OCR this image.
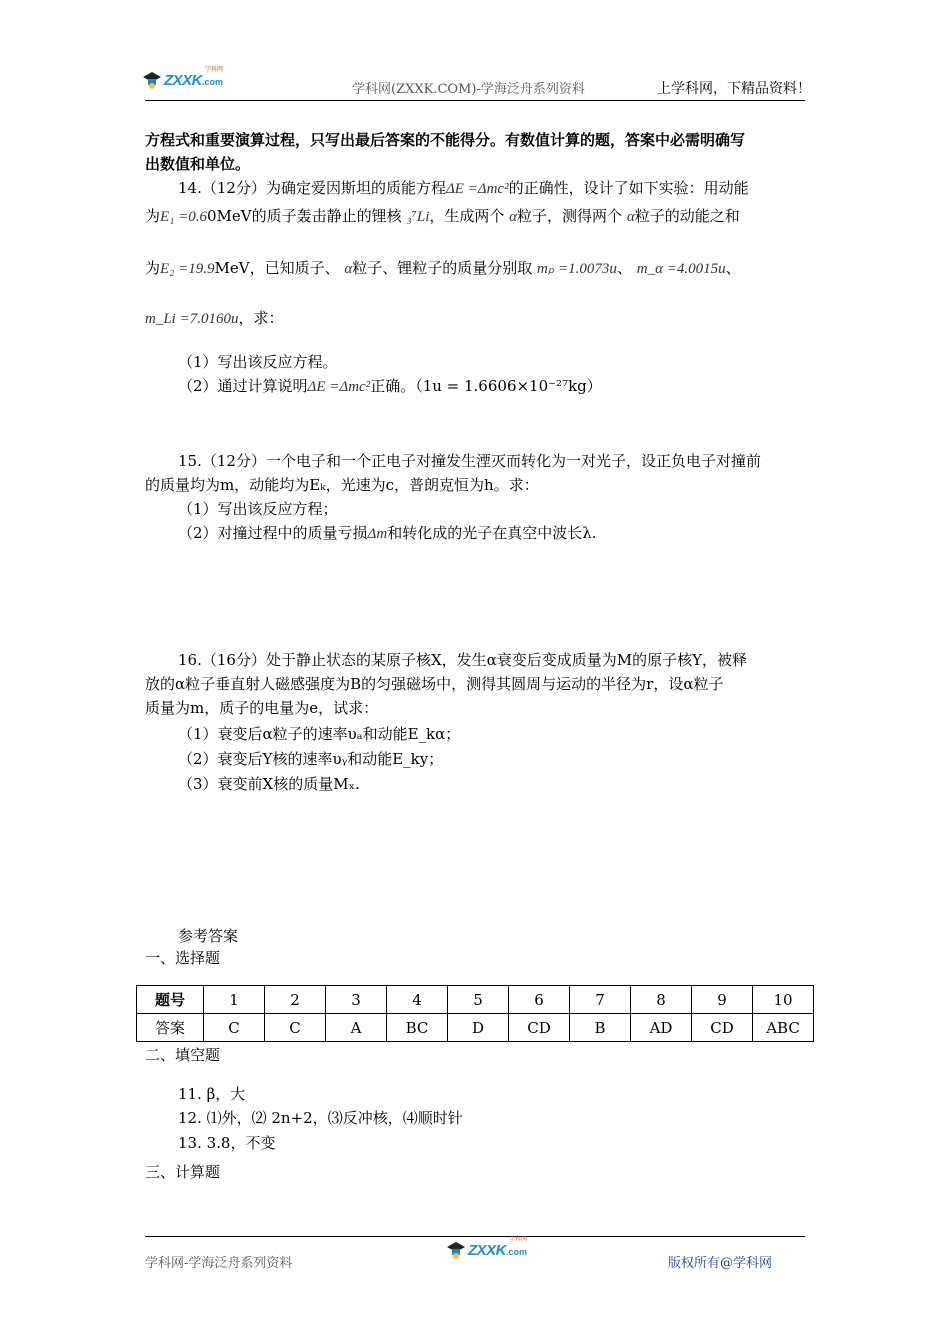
ZXXK.com
学科网
学科网(ZXXK.COM)-学海泛舟系列资料	上学科网，下精品资料！
方程式和重要演算过程，只写出最后答案的不能得分。有数值计算的题，答案中必需明确写
出数值和单位。
14.（12分）为确定爱因斯坦的质能方程ΔE =Δmc²的正确性，设计了如下实验：用动能
为E₁ =0.60MeV的质子轰击静止的锂核 ₃⁷Li，生成两个 α粒子，测得两个 α粒子的动能之和
为E₂ =19.9MeV，已知质子、 α粒子、锂粒子的质量分别取 mₚ =1.0073u、 m_α =4.0015u、
m_Li =7.0160u，求：
（1）写出该反应方程。
（2）通过计算说明ΔE =Δmc²正确。（1u = 1.6606×10⁻²⁷kg）
15.（12分）一个电子和一个正电子对撞发生湮灭而转化为一对光子，设正负电子对撞前
的质量均为m，动能均为Eₖ，光速为c，普朗克恒为h。求：
（1）写出该反应方程；
（2）对撞过程中的质量亏损Δm和转化成的光子在真空中波长λ.
16.（16分）处于静止状态的某原子核X，发生α衰变后变成质量为M的原子核Y，被释
放的α粒子垂直射人磁感强度为B的匀强磁场中，测得其圆周与运动的半径为r，设α粒子
质量为m，质子的电量为e，试求：
（1）衰变后α粒子的速率υₐ和动能E_kα；
（2）衰变后Y核的速率υᵧ和动能E_ky；
（3）衰变前X核的质量Mₓ.
参考答案
一、选择题
题号	1	2	3	4	5	6	7	8	9	10
答案	C	C	A	BC	D	CD	B	AD	CD	ABC
二、填空题
11. β，大
12. ⑴外，⑵ 2n+2，⑶反冲核，⑷顺时针
13. 3.8，不变
三、计算题
学科网-学海泛舟系列资料
ZXXK.com
学科网
版权所有@学科网
